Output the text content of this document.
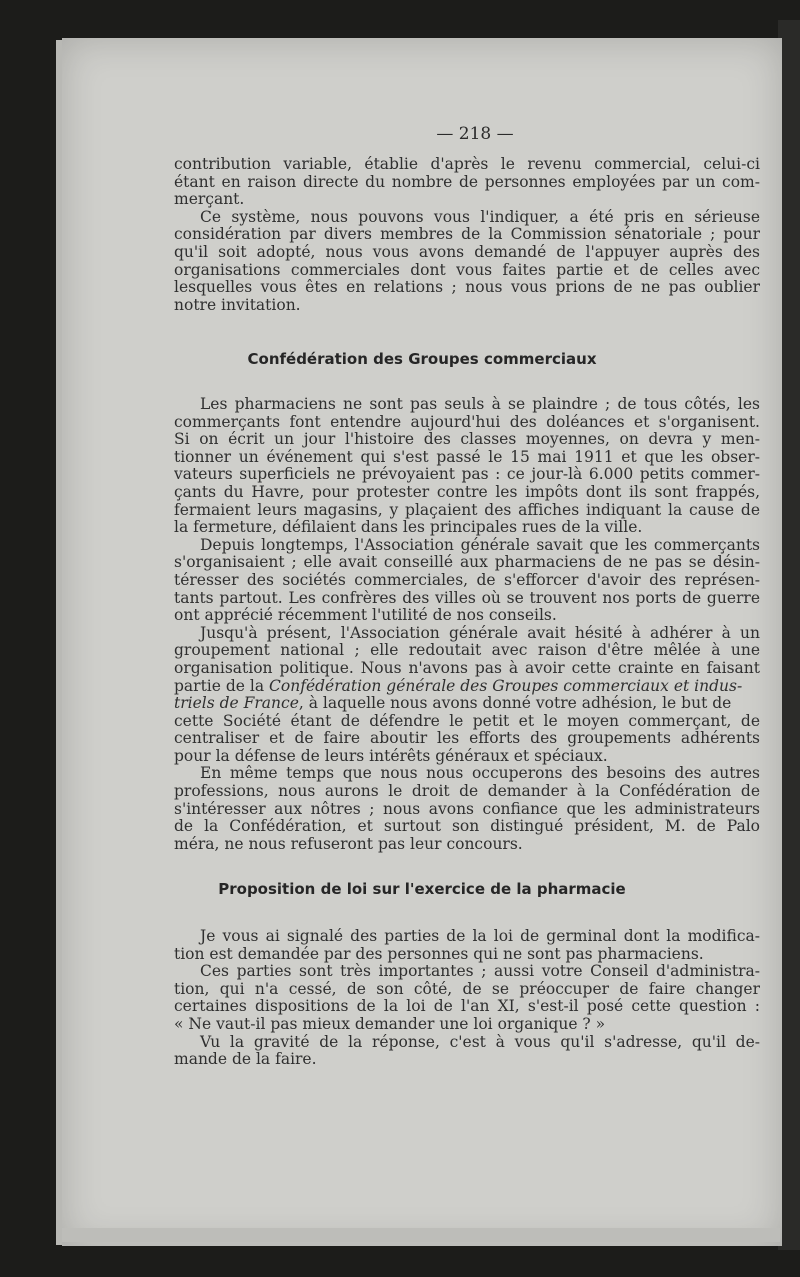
— 218 —
contribution variable, établie d'après le revenu commercial, celui-ci
étant en raison directe du nombre de personnes employées par un com-
merçant.
Ce système, nous pouvons vous l'indiquer, a été pris en sérieuse
considération par divers membres de la Commission sénatoriale ; pour
qu'il soit adopté, nous vous avons demandé de l'appuyer auprès des
organisations commerciales dont vous faites partie et de celles avec
lesquelles vous êtes en relations ; nous vous prions de ne pas oublier
notre invitation.
Confédération des Groupes commerciaux
Les pharmaciens ne sont pas seuls à se plaindre ; de tous côtés, les
commerçants font entendre aujourd'hui des doléances et s'organisent.
Si on écrit un jour l'histoire des classes moyennes, on devra y men-
tionner un événement qui s'est passé le 15 mai 1911 et que les obser-
vateurs superficiels ne prévoyaient pas : ce jour-là 6.000 petits commer-
çants du Havre, pour protester contre les impôts dont ils sont frappés,
fermaient leurs magasins, y plaçaient des affiches indiquant la cause de
la fermeture, défilaient dans les principales rues de la ville.
Depuis longtemps, l'Association générale savait que les commerçants
s'organisaient ; elle avait conseillé aux pharmaciens de ne pas se désin-
téresser des sociétés commerciales, de s'efforcer d'avoir des représen-
tants partout. Les confrères des villes où se trouvent nos ports de guerre
ont apprécié récemment l'utilité de nos conseils.
Jusqu'à présent, l'Association générale avait hésité à adhérer à un
groupement national ; elle redoutait avec raison d'être mêlée à une
organisation politique. Nous n'avons pas à avoir cette crainte en faisant
partie de la Confédération générale des Groupes commerciaux et indus-
triels de France, à laquelle nous avons donné votre adhésion, le but de
cette Société étant de défendre le petit et le moyen commerçant, de
centraliser et de faire aboutir les efforts des groupements adhérents
pour la défense de leurs intérêts généraux et spéciaux.
En même temps que nous nous occuperons des besoins des autres
professions, nous aurons le droit de demander à la Confédération de
s'intéresser aux nôtres ; nous avons confiance que les administrateurs
de la Confédération, et surtout son distingué président, M. de Palo
méra, ne nous refuseront pas leur concours.
Proposition de loi sur l'exercice de la pharmacie
Je vous ai signalé des parties de la loi de germinal dont la modifica-
tion est demandée par des personnes qui ne sont pas pharmaciens.
Ces parties sont très importantes ; aussi votre Conseil d'administra-
tion, qui n'a cessé, de son côté, de se préoccuper de faire changer
certaines dispositions de la loi de l'an XI, s'est-il posé cette question :
« Ne vaut-il pas mieux demander une loi organique ? »
Vu la gravité de la réponse, c'est à vous qu'il s'adresse, qu'il de-
mande de la faire.
